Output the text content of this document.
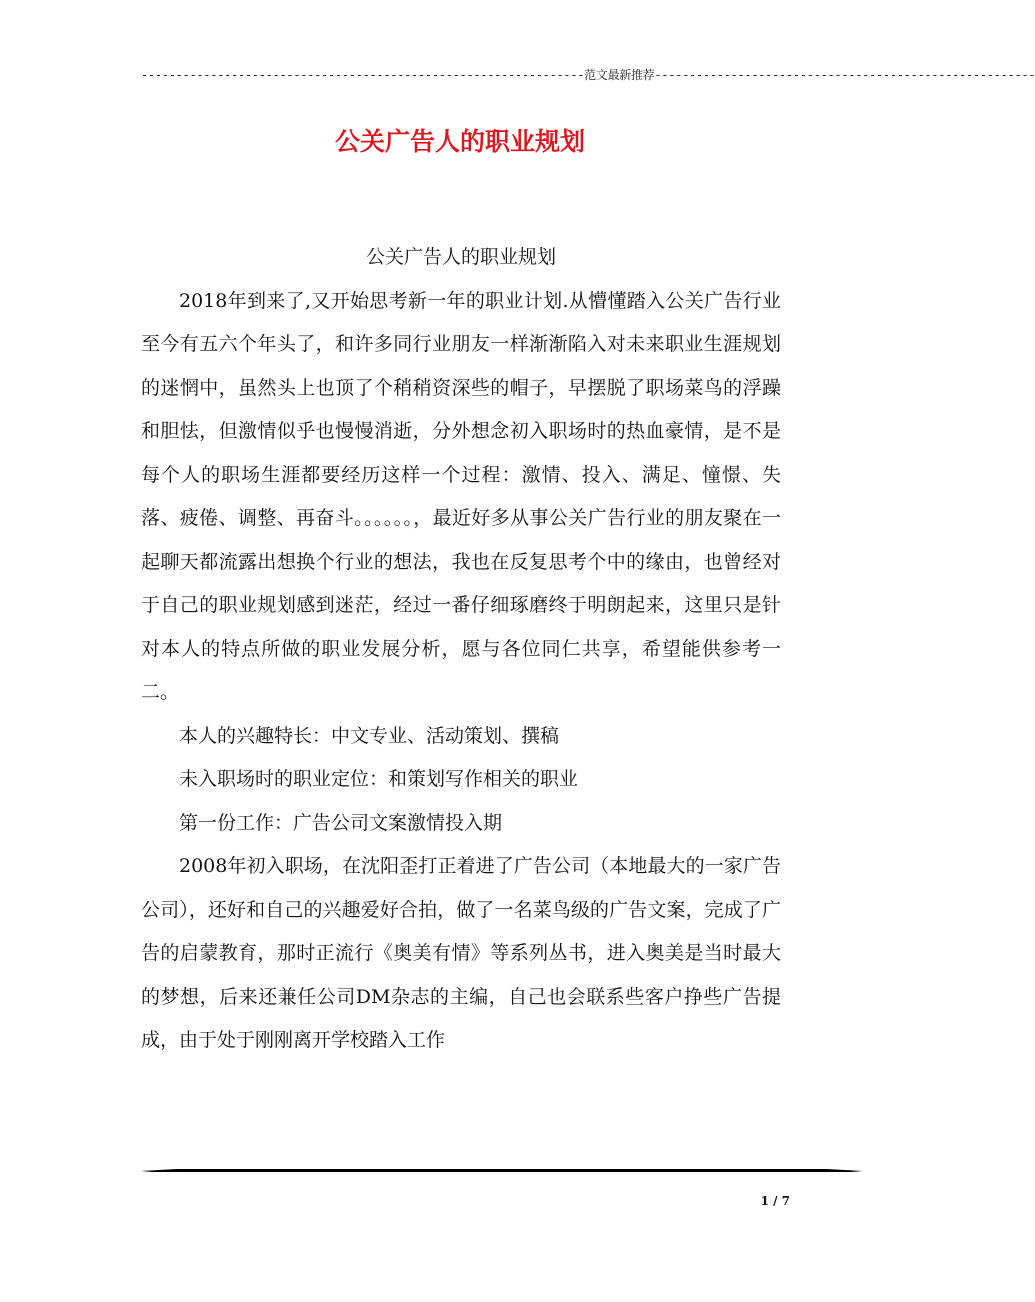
----------------------------------------------------------------范文最新推荐-------------------------------------------------------
公关广告人的职业规划

公关广告人的职业规划

2018年到来了,又开始思考新一年的职业计划.从懵懂踏入公关广告行业至今有五六个年头了，和许多同行业朋友一样渐渐陷入对未来职业生涯规划的迷惘中，虽然头上也顶了个稍稍资深些的帽子，早摆脱了职场菜鸟的浮躁和胆怯，但激情似乎也慢慢消逝，分外想念初入职场时的热血豪情，是不是每个人的职场生涯都要经历这样一个过程：激情、投入、满足、憧憬、失落、疲倦、调整、再奋斗。。。。。。，最近好多从事公关广告行业的朋友聚在一起聊天都流露出想换个行业的想法，我也在反复思考个中的缘由，也曾经对于自己的职业规划感到迷茫，经过一番仔细琢磨终于明朗起来，这里只是针对本人的特点所做的职业发展分析，愿与各位同仁共享，希望能供参考一二。

本人的兴趣特长：中文专业、活动策划、撰稿

未入职场时的职业定位：和策划写作相关的职业

第一份工作：广告公司文案激情投入期

2008年初入职场，在沈阳歪打正着进了广告公司（本地最大的一家广告公司），还好和自己的兴趣爱好合拍，做了一名菜鸟级的广告文案，完成了广告的启蒙教育，那时正流行《奥美有情》等系列丛书，进入奥美是当时最大的梦想，后来还兼任公司DM杂志的主编，自己也会联系些客户挣些广告提成，由于处于刚刚离开学校踏入工作

1 / 7
